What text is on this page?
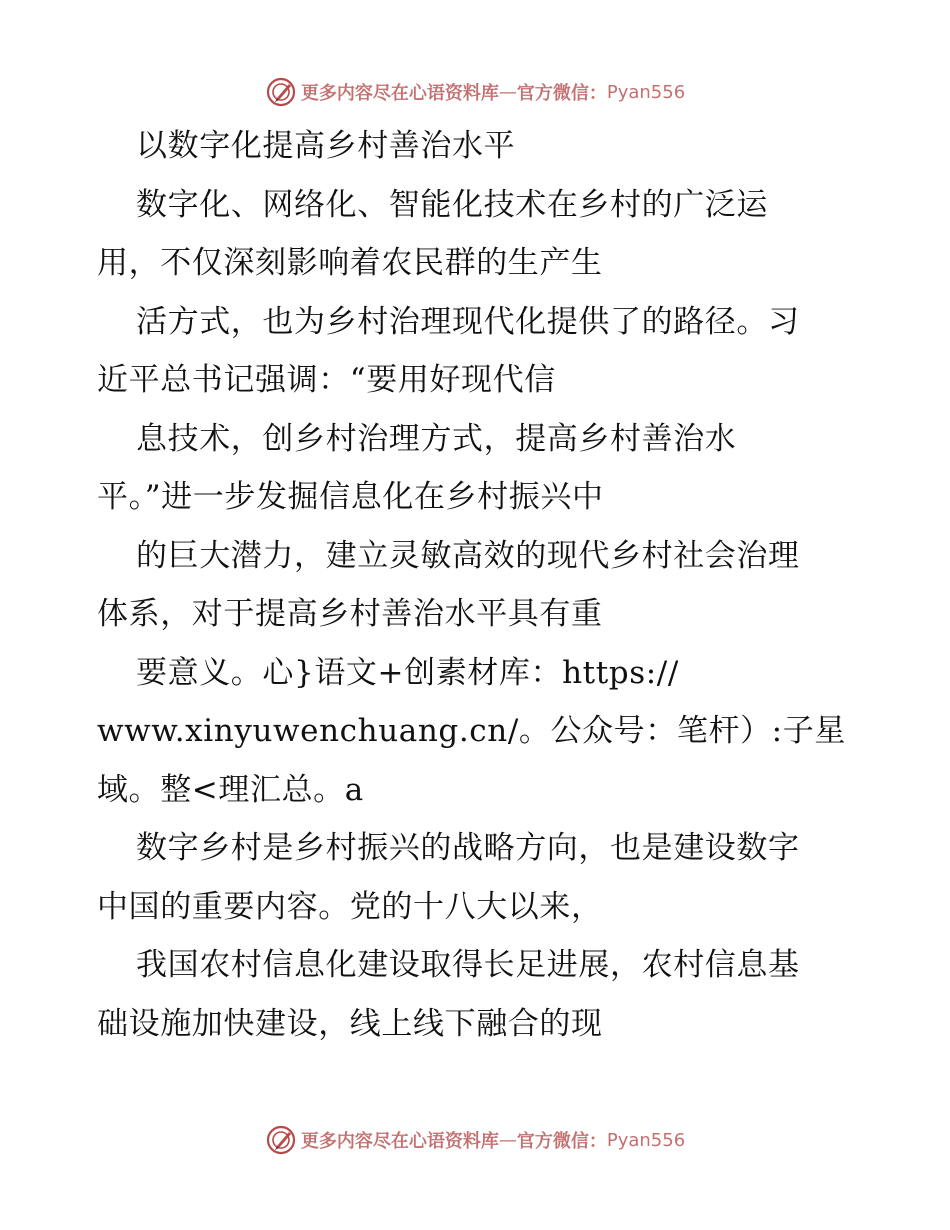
更多内容尽在心语资料库 — 官方微信： Pyan556
以数字化提高乡村善治水平
数字化、网络化、智能化技术在乡村的广泛运
用，不仅深刻影响着农民群的生产生
活方式，也为乡村治理现代化提供了的路径。习
近平总书记强调：“要用好现代信
息技术，创乡村治理方式，提高乡村善治水
平。”进一步发掘信息化在乡村振兴中
的巨大潜力，建立灵敏高效的现代乡村社会治理
体系，对于提高乡村善治水平具有重
要意义。心}语文+创素材库：https://
www.xinyuwenchuang.cn/。公众号：笔杆）:子星
域。整<理汇总。a
数字乡村是乡村振兴的战略方向，也是建设数字
中国的重要内容。党的十八大以来，
我国农村信息化建设取得长足进展，农村信息基
础设施加快建设，线上线下融合的现
更多内容尽在心语资料库 — 官方微信： Pyan556
